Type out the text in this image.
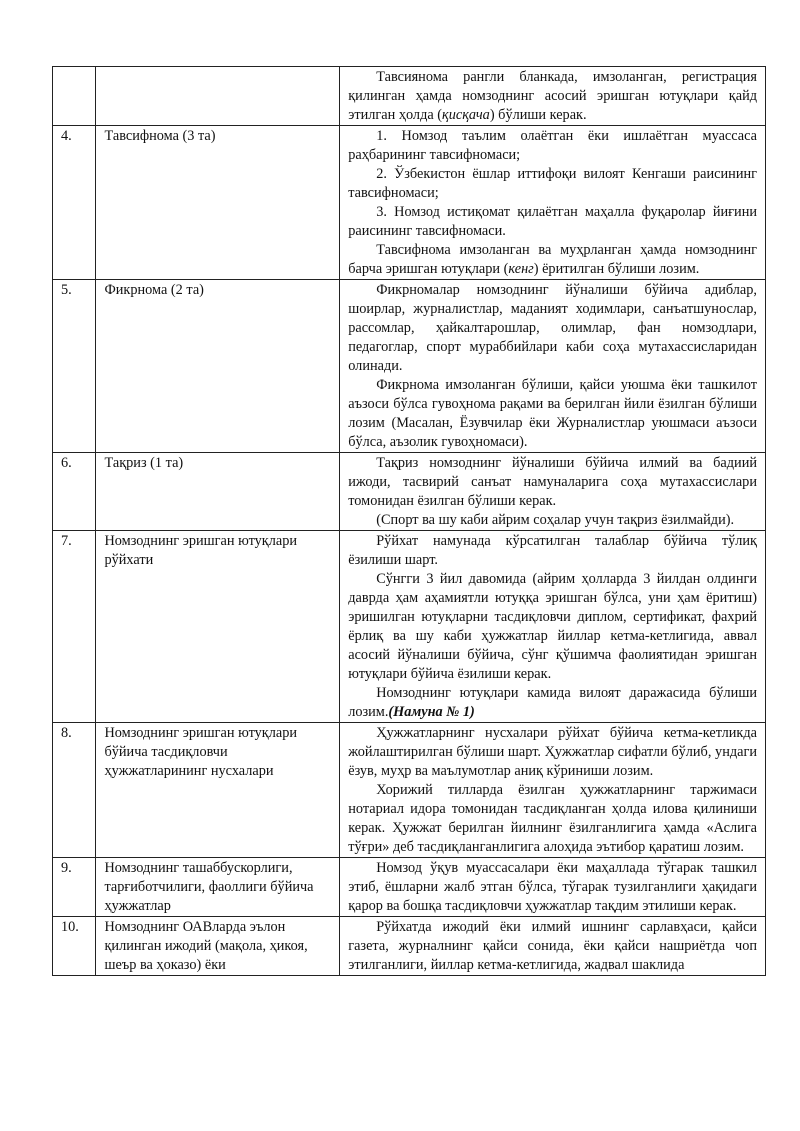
		Тавсиянома рангли бланкада, имзоланган, регистрация қилинган ҳамда номзоднинг асосий эришган ютуқлари қайд этилган ҳолда (қисқача) бўлиши керак.

4.	Тавсифнома (3 та)	1. Номзод таълим олаётган ёки ишлаётган муассаса раҳбарининг тавсифномаси;

2. Ўзбекистон ёшлар иттифоқи вилоят Кенгаши раисининг тавсифномаси;

3. Номзод истиқомат қилаётган маҳалла фуқаролар йиғини раисининг тавсифномаси.

Тавсифнома имзоланган ва муҳрланган ҳамда номзоднинг барча эришган ютуқлари (кенг) ёритилган бўлиши лозим.

5.	Фикрнома (2 та)	Фикрномалар номзоднинг йўналиши бўйича адиблар, шоирлар, журналистлар, маданият ходимлари, санъатшунослар, рассомлар, ҳайкалтарошлар, олимлар, фан номзодлари, педагоглар, спорт мураббийлари каби соҳа мутахассисларидан олинади.

Фикрнома имзоланган бўлиши, қайси уюшма ёки ташкилот аъзоси бўлса гувоҳнома рақами ва берилган йили ёзилган бўлиши лозим (Масалан, Ёзувчилар ёки Журналистлар уюшмаси аъзоси бўлса, аъзолик гувоҳномаси).

6.	Тақриз (1 та)	Тақриз номзоднинг йўналиши бўйича илмий ва бадиий ижоди, тасвирий санъат намуналарига соҳа мутахассислари томонидан ёзилган бўлиши керак.

(Спорт ва шу каби айрим соҳалар учун тақриз ёзилмайди).

7.	Номзоднинг эришган ютуқлари рўйхати	Рўйхат намунада кўрсатилган талаблар бўйича тўлиқ ёзилиши шарт.

Сўнгги 3 йил давомида (айрим ҳолларда 3 йилдан олдинги даврда ҳам аҳамиятли ютуққа эришган бўлса, уни ҳам ёритиш) эришилган ютуқларни тасдиқловчи диплом, сертификат, фахрий ёрлиқ ва шу каби ҳужжатлар йиллар кетма-кетлигида, аввал асосий йўналиши бўйича, сўнг қўшимча фаолиятидан эришган ютуқлари бўйича ёзилиши керак.

Номзоднинг ютуқлари камида вилоят даражасида бўлиши лозим.(Намуна № 1)

8.	Номзоднинг эришган ютуқлари бўйича тасдиқловчи ҳужжатларининг нусхалари	Ҳужжатларнинг нусхалари рўйхат бўйича кетма-кетликда жойлаштирилган бўлиши шарт. Ҳужжатлар сифатли бўлиб, ундаги ёзув, муҳр ва маълумотлар аниқ кўриниши лозим.

Хорижий тилларда ёзилган ҳужжатларнинг таржимаси нотариал идора томонидан тасдиқланган ҳолда илова қилиниши керак. Ҳужжат берилган йилнинг ёзилганлигига ҳамда «Аслига тўғри» деб тасдиқланганлигига алоҳида эътибор қаратиш лозим.

9.	Номзоднинг ташаббускорлиги, тарғиботчилиги, фаоллиги бўйича ҳужжатлар	Номзод ўқув муассасалари ёки маҳаллада тўгарак ташкил этиб, ёшларни жалб этган бўлса, тўгарак тузилганлиги ҳақидаги қарор ва бошқа тасдиқловчи ҳужжатлар тақдим этилиши керак.

10.	Номзоднинг ОАВларда эълон қилинган ижодий (мақола, ҳикоя, шеър ва ҳоказо) ёки	Рўйхатда ижодий ёки илмий ишнинг сарлавҳаси, қайси газета, журналнинг қайси сонида, ёки қайси нашриётда чоп этилганлиги, йиллар кетма-кетлигида, жадвал шаклида
